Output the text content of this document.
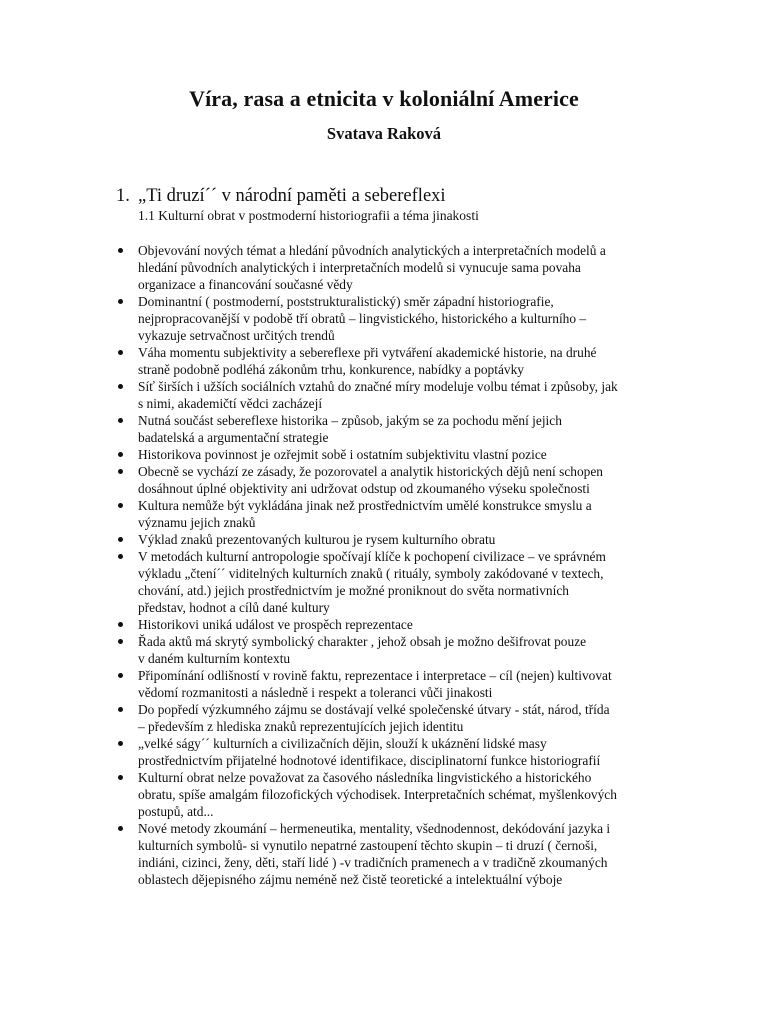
Víra, rasa a etnicita v koloniální Americe
Svatava Raková
1. „Ti druzí´´ v národní paměti a sebereflexi
1.1 Kulturní obrat v postmoderní historiografii a téma jinakosti
Objevování nových témat a hledání původních analytických a interpretačních modelů a
hledání původních analytických i interpretačních modelů si vynucuje sama povaha
organizace a financování současné vědy
Dominantní ( postmoderní, poststrukturalistický) směr západní historiografie,
nejpropracovanější v podobě tří obratů – lingvistického, historického a kulturního –
vykazuje setrvačnost určitých trendů
Váha momentu subjektivity a sebereflexe při vytváření akademické historie, na druhé
straně podobně podléhá zákonům trhu, konkurence, nabídky a poptávky
Síť širších i užších sociálních vztahů do značné míry modeluje volbu témat i způsoby, jak
s nimi, akademičtí vědci zacházejí
Nutná součást sebereflexe historika – způsob, jakým se za pochodu mění jejich
badatelská a argumentační strategie
Historikova povinnost je ozřejmit sobě i ostatním subjektivitu vlastní pozice
Obecně se vychází ze zásady, že pozorovatel a analytik historických dějů není schopen
dosáhnout úplné objektivity ani udržovat odstup od zkoumaného výseku společnosti
Kultura nemůže být vykládána jinak než prostřednictvím umělé konstrukce smyslu a
významu jejich znaků
Výklad znaků prezentovaných kulturou je rysem kulturního obratu
V metodách kulturní antropologie spočívají klíče k pochopení civilizace – ve správném
výkladu „čtení´´ viditelných kulturních znaků ( rituály, symboly zakódované v textech,
chování, atd.) jejich prostřednictvím je možné proniknout do světa normativních
představ, hodnot a cílů dané kultury
Historikovi uniká událost ve prospěch reprezentace
Řada aktů má skrytý symbolický charakter , jehož obsah je možno dešifrovat pouze
v daném kulturním kontextu
Připomínání odlišností v rovině faktu, reprezentace i interpretace – cíl (nejen) kultivovat
vědomí rozmanitosti a následně i respekt a toleranci vůči jinakosti
Do popředí výzkumného zájmu se dostávají velké společenské útvary - stát, národ, třída
– především z hlediska znaků reprezentujících jejich identitu
„velké ságy´´ kulturních a civilizačních dějin, slouží k ukáznění lidské masy
prostřednictvím přijatelné hodnotové identifikace, disciplinatorní funkce historiografií
Kulturní obrat nelze považovat za časového následníka lingvistického a historického
obratu, spíše amalgám filozofických východisek. Interpretačních schémat, myšlenkových
postupů, atd...
Nové metody zkoumání – hermeneutika, mentality, všednodennost, dekódování jazyka i
kulturních symbolů- si vynutilo nepatrné zastoupení těchto skupin – ti druzí ( černoši,
indiáni, cizinci, ženy, děti, staří lidé ) -v tradičních pramenech a v tradičně zkoumaných
oblastech dějepisného zájmu neméně než čistě teoretické a intelektuální výboje
